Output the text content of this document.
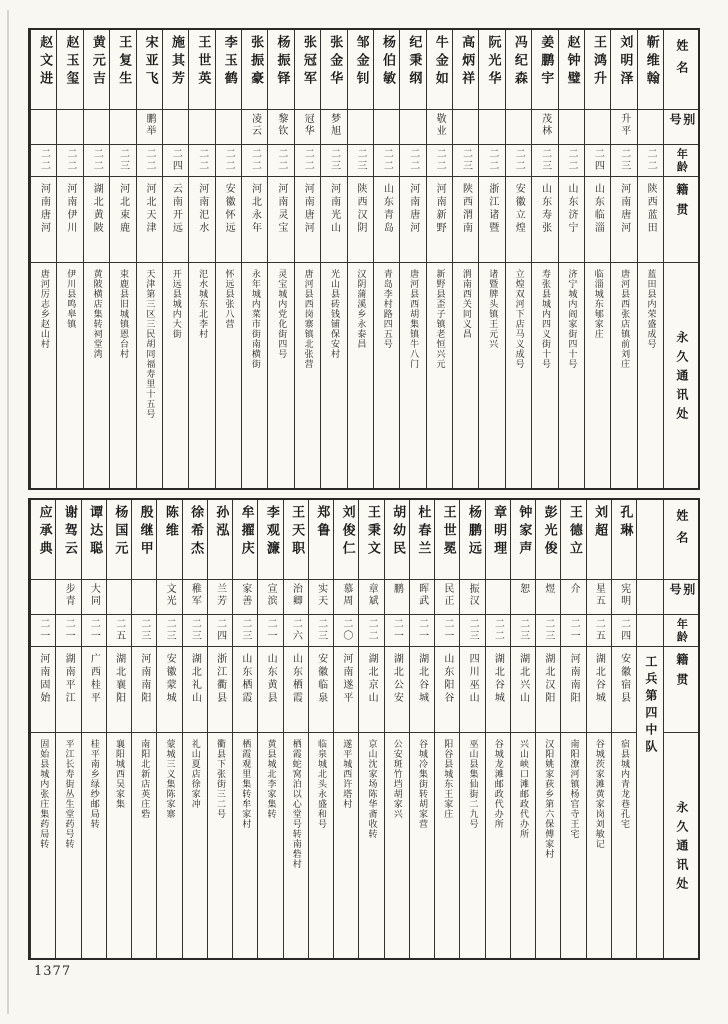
靳维翰
二二
陕西蓝田
蓝田县内荣盛成号
刘明泽
升平
二三
河南唐河
唐河县西张店镇前刘庄
王鸿升
二四
山东临淄
临淄城东郇家庄
赵钟璧
二二
山东济宁
济宁城内阎家街四十号
姜鹏宇
茂林
二三
山东寿张
寿张县城内四义街十号
冯纪森
二二
安徽立煌
立煌双河下店马义成号
阮光华
二二
浙江诸暨
诸暨牌头镇王元兴
高炳祥
二三
陕西渭南
渭南西关同义昌
牛金如
敬业
二二
河南新野
新野县歪子镇老恒兴元
纪秉纲
二二
河南唐河
唐河县西胡集镇牛八门
杨伯敏
二二
山东青岛
青岛李村路四五号
邹金钊
二三
陕西汉阴
汉阴蒲溪乡永泰昌
张金华
梦旭
二三
河南光山
光山县砖钱铺保安村
张冠军
冠华
二二
河南唐河
唐河县西岗寨镇北张营
杨振铎
黎钦
二二
河南灵宝
灵宝城内党化街四号
张振豪
凌云
二二
河北永年
永年城内菜市街南横街
李玉鹤
二二
安徽怀远
怀远县张八营
王世英
二二
河南汜水
汜水城东北李村
施其芳
二四
云南开远
开远县城内大街
宋亚飞
鹏举
二二
河北天津
天津第三区三民胡同福寿里十五号
王复生
二三
河北束鹿
束鹿县旧城镇恩台村
黄元吉
二二
湖北黄陂
黄陂横店集转祠堂湾
赵玉玺
二二
河南伊川
伊川县鸣皋镇
赵文进
二二
河南唐河
唐河厉志乡赵山村
姓名
别号
年龄
籍贯
永久通讯处
孔琳
宪明
二四
安徽宿县
宿县城内青龙巷孔宅
刘超
星五
二五
湖北谷城
谷城茨家滩黄家岗刘敏记
王德立
介
二一
河南南阳
南阳潦河镇杨官寺王宅
彭光俊
煜
二三
湖北汉阳
汉阳姚家荻乡第六保傅家村
钟家声
恕
二三
湖北兴山
兴山峡口滩邮政代办所
章明理
二二
湖北谷城
谷城龙滩邮政代办所
杨鹏远
振汉
二三
四川巫山
巫山县集仙街二九号
王世冕
民正
二一
山东阳谷
阳谷县城东王家庄
杜春兰
晖武
二一
湖北谷城
谷城冷集街转胡家营
胡幼民
鹏
二一
湖北公安
公安斑竹垱胡家兴
王秉文
章斌
二二
湖北京山
京山沈家场陈华斋收转
刘俊仁
慕周
二〇
河南遂平
遂平城西许塔村
郑鲁
实天
二三
安徽临泉
临泉城北头永盛和号
王天职
治卿
二六
山东栖霞
栖霞蛇窝泊以心堂号转南砦村
李观濂
宣滨
二一
山东黄县
黄县城北李家集转
牟擢庆
家善
二三
山东栖霞
栖霞观里集转牟家村
孙泓
兰芳
二四
浙江衢县
衢县下张街三二号
徐希杰
稚军
二三
湖北礼山
礼山夏店徐家冲
陈维
文光
二三
安徽蒙城
蒙城三义集陈家寨
殷继甲
二三
河南南阳
南阳北新店英庄砦
杨国元
二五
湖北襄阳
襄阳城西吴家集
谭达聪
大同
二一
广西桂平
桂平南乡绿纱邮局转
谢驾云
步青
二一
湖南平江
平江长寿街丛生堂药号转
应承典
二一
河南固始
固始县城内张庄集药局转
工兵第四中队
姓名
别号
年龄
籍贯
永久通讯处
1377
